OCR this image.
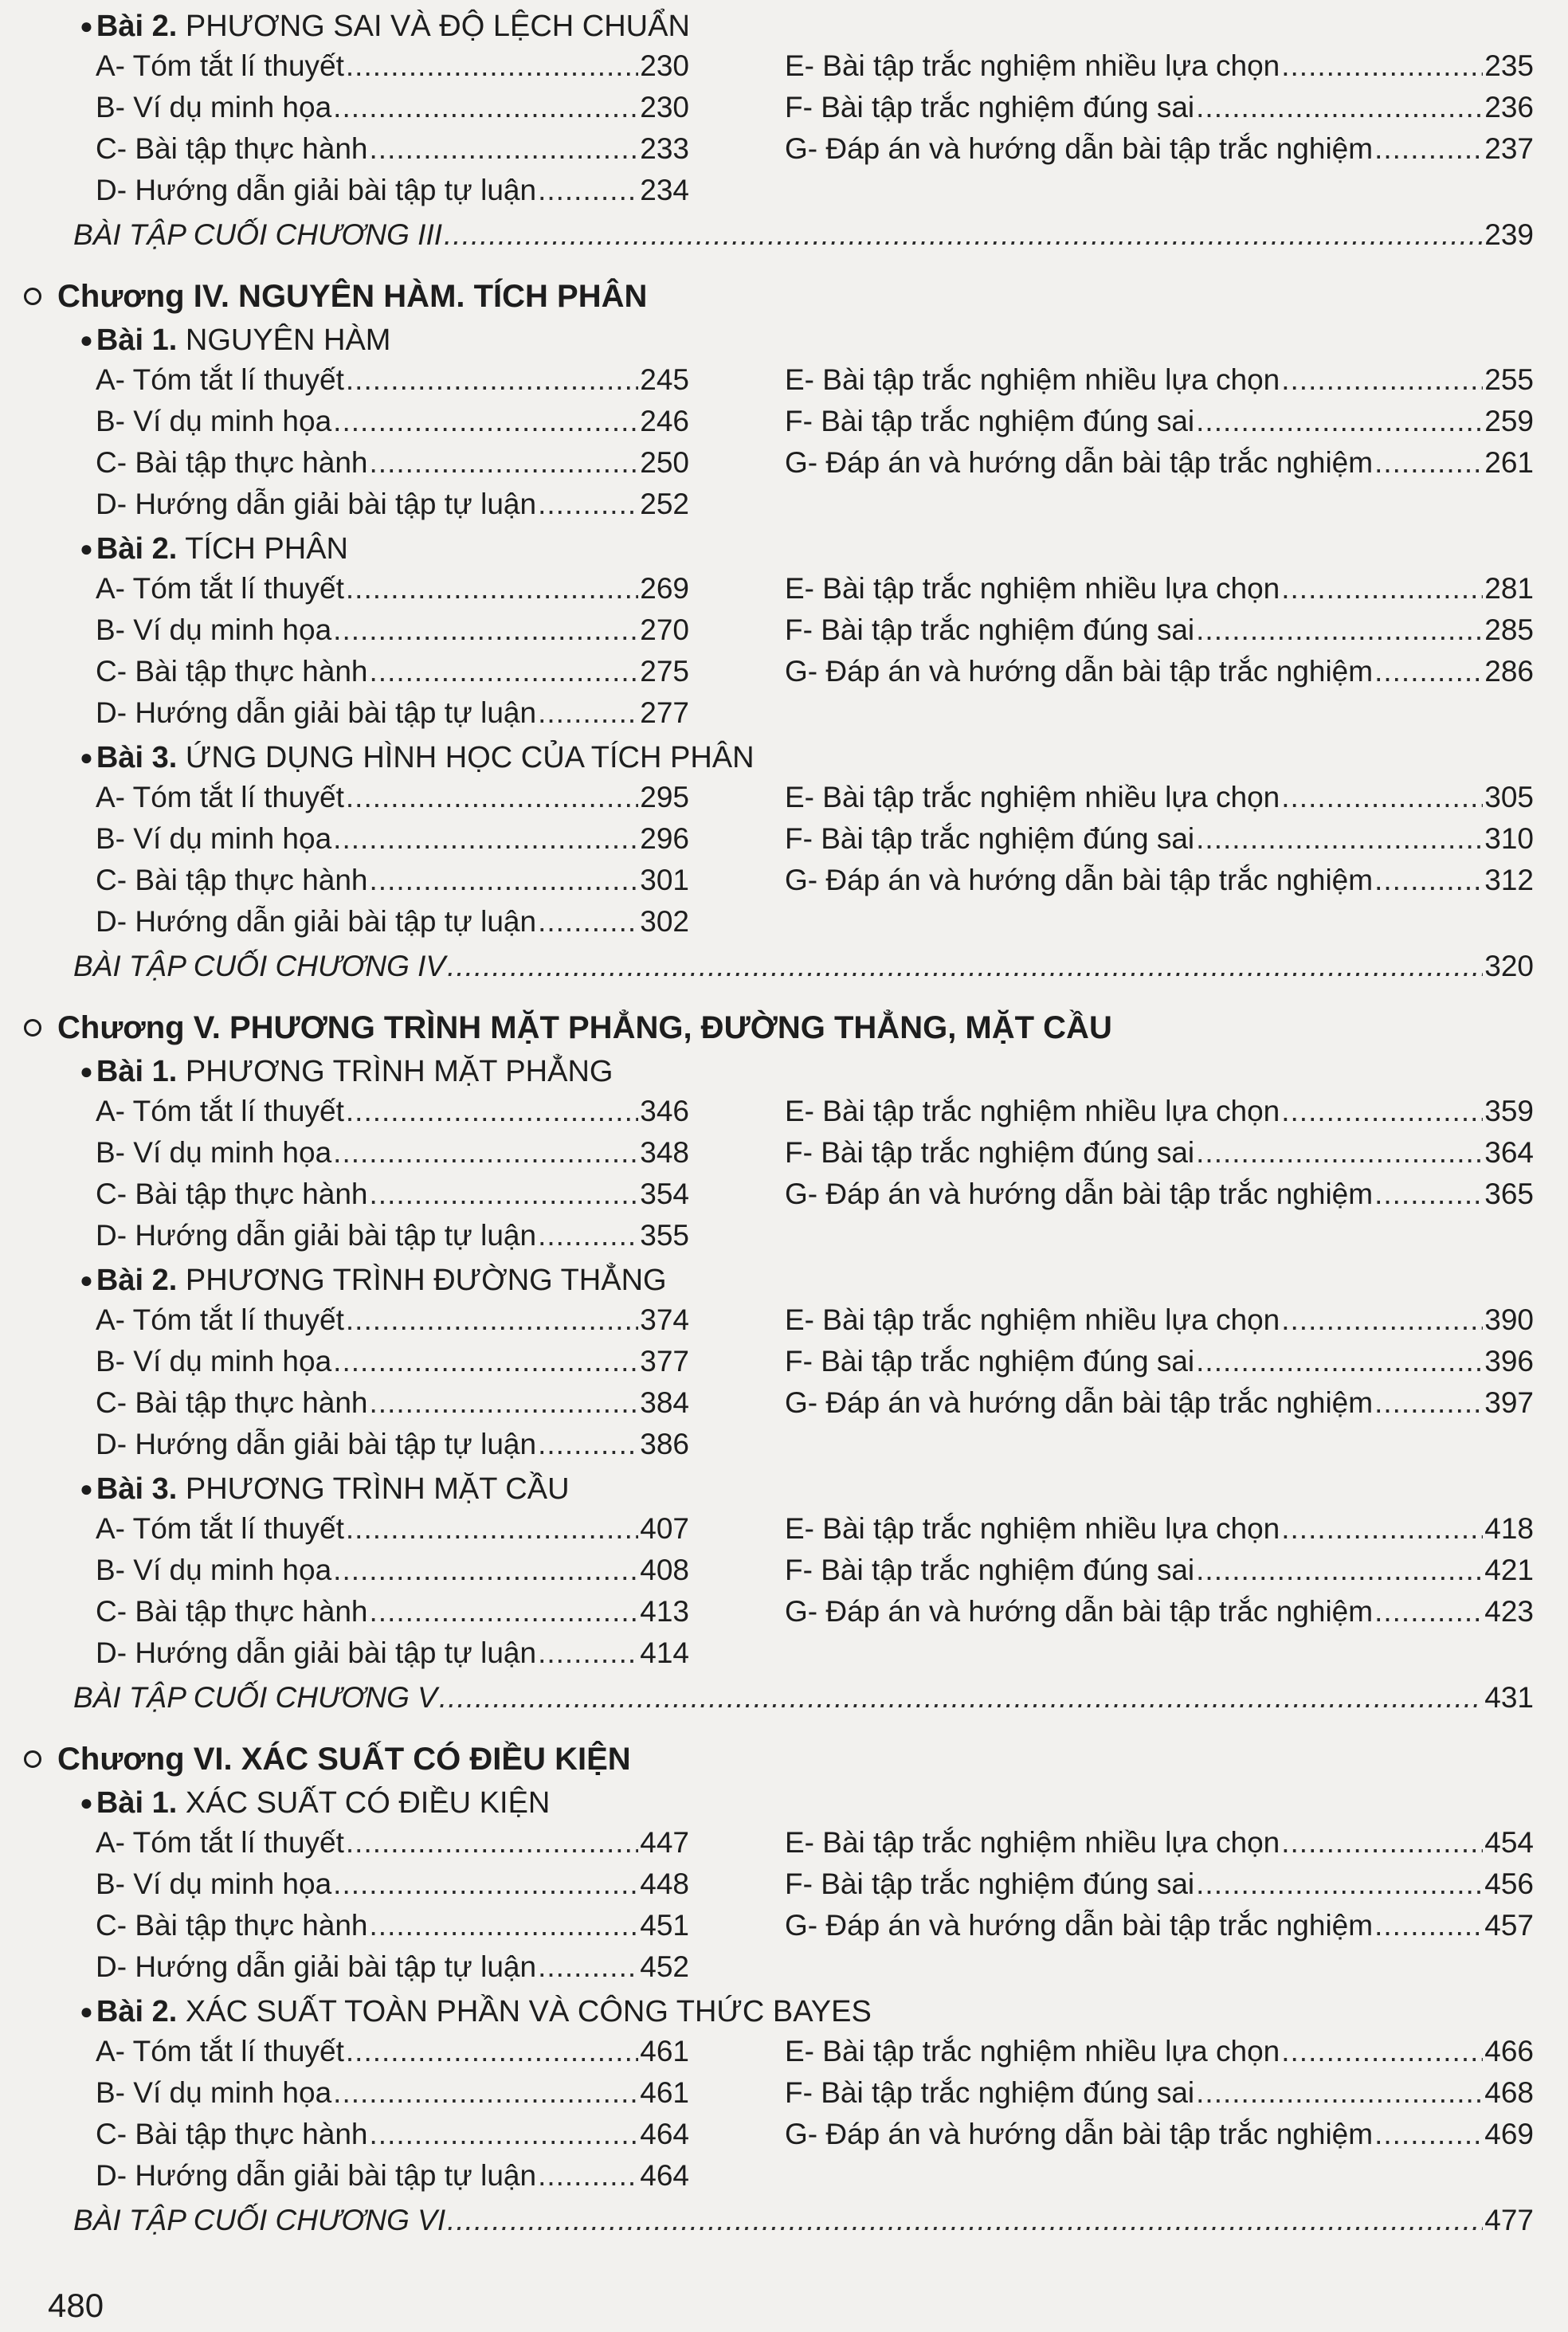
● Bài 2. PHƯƠNG SAI VÀ ĐỘ LỆCH CHUẨN
A- Tóm tắt lí thuyết .....	230
B- Ví dụ minh họa .....	230
C- Bài tập thực hành .....	233
D- Hướng dẫn giải bài tập tự luận .....	234
E- Bài tập trắc nghiệm nhiều lựa chọn .....	235
F- Bài tập trắc nghiệm đúng sai .....	236
G- Đáp án và hướng dẫn bài tập trắc nghiệm .....	237
BÀI TẬP CUỐI CHƯƠNG III .....	239
Chương IV. NGUYÊN HÀM. TÍCH PHÂN
● Bài 1. NGUYÊN HÀM
A- Tóm tắt lí thuyết .....	245
B- Ví dụ minh họa .....	246
C- Bài tập thực hành .....	250
D- Hướng dẫn giải bài tập tự luận .....	252
E- Bài tập trắc nghiệm nhiều lựa chọn .....	255
F- Bài tập trắc nghiệm đúng sai .....	259
G- Đáp án và hướng dẫn bài tập trắc nghiệm .....	261
● Bài 2. TÍCH PHÂN
A- Tóm tắt lí thuyết .....	269
B- Ví dụ minh họa .....	270
C- Bài tập thực hành .....	275
D- Hướng dẫn giải bài tập tự luận .....	277
E- Bài tập trắc nghiệm nhiều lựa chọn .....	281
F- Bài tập trắc nghiệm đúng sai .....	285
G- Đáp án và hướng dẫn bài tập trắc nghiệm .....	286
● Bài 3. ỨNG DỤNG HÌNH HỌC CỦA TÍCH PHÂN
A- Tóm tắt lí thuyết .....	295
B- Ví dụ minh họa .....	296
C- Bài tập thực hành .....	301
D- Hướng dẫn giải bài tập tự luận .....	302
E- Bài tập trắc nghiệm nhiều lựa chọn .....	305
F- Bài tập trắc nghiệm đúng sai .....	310
G- Đáp án và hướng dẫn bài tập trắc nghiệm .....	312
BÀI TẬP CUỐI CHƯƠNG IV .....	320
Chương V. PHƯƠNG TRÌNH MẶT PHẲNG, ĐƯỜNG THẲNG, MẶT CẦU
● Bài 1. PHƯƠNG TRÌNH MẶT PHẲNG
A- Tóm tắt lí thuyết .....	346
B- Ví dụ minh họa .....	348
C- Bài tập thực hành .....	354
D- Hướng dẫn giải bài tập tự luận .....	355
E- Bài tập trắc nghiệm nhiều lựa chọn .....	359
F- Bài tập trắc nghiệm đúng sai .....	364
G- Đáp án và hướng dẫn bài tập trắc nghiệm .....	365
● Bài 2. PHƯƠNG TRÌNH ĐƯỜNG THẲNG
A- Tóm tắt lí thuyết .....	374
B- Ví dụ minh họa .....	377
C- Bài tập thực hành .....	384
D- Hướng dẫn giải bài tập tự luận .....	386
E- Bài tập trắc nghiệm nhiều lựa chọn .....	390
F- Bài tập trắc nghiệm đúng sai .....	396
G- Đáp án và hướng dẫn bài tập trắc nghiệm .....	397
● Bài 3. PHƯƠNG TRÌNH MẶT CẦU
A- Tóm tắt lí thuyết .....	407
B- Ví dụ minh họa .....	408
C- Bài tập thực hành .....	413
D- Hướng dẫn giải bài tập tự luận .....	414
E- Bài tập trắc nghiệm nhiều lựa chọn .....	418
F- Bài tập trắc nghiệm đúng sai .....	421
G- Đáp án và hướng dẫn bài tập trắc nghiệm .....	423
BÀI TẬP CUỐI CHƯƠNG V .....	431
Chương VI. XÁC SUẤT CÓ ĐIỀU KIỆN
● Bài 1. XÁC SUẤT CÓ ĐIỀU KIỆN
A- Tóm tắt lí thuyết .....	447
B- Ví dụ minh họa .....	448
C- Bài tập thực hành .....	451
D- Hướng dẫn giải bài tập tự luận .....	452
E- Bài tập trắc nghiệm nhiều lựa chọn .....	454
F- Bài tập trắc nghiệm đúng sai .....	456
G- Đáp án và hướng dẫn bài tập trắc nghiệm .....	457
● Bài 2. XÁC SUẤT TOÀN PHẦN VÀ CÔNG THỨC BAYES
A- Tóm tắt lí thuyết .....	461
B- Ví dụ minh họa .....	461
C- Bài tập thực hành .....	464
D- Hướng dẫn giải bài tập tự luận .....	464
E- Bài tập trắc nghiệm nhiều lựa chọn .....	466
F- Bài tập trắc nghiệm đúng sai .....	468
G- Đáp án và hướng dẫn bài tập trắc nghiệm .....	469
BÀI TẬP CUỐI CHƯƠNG VI .....	477
480
